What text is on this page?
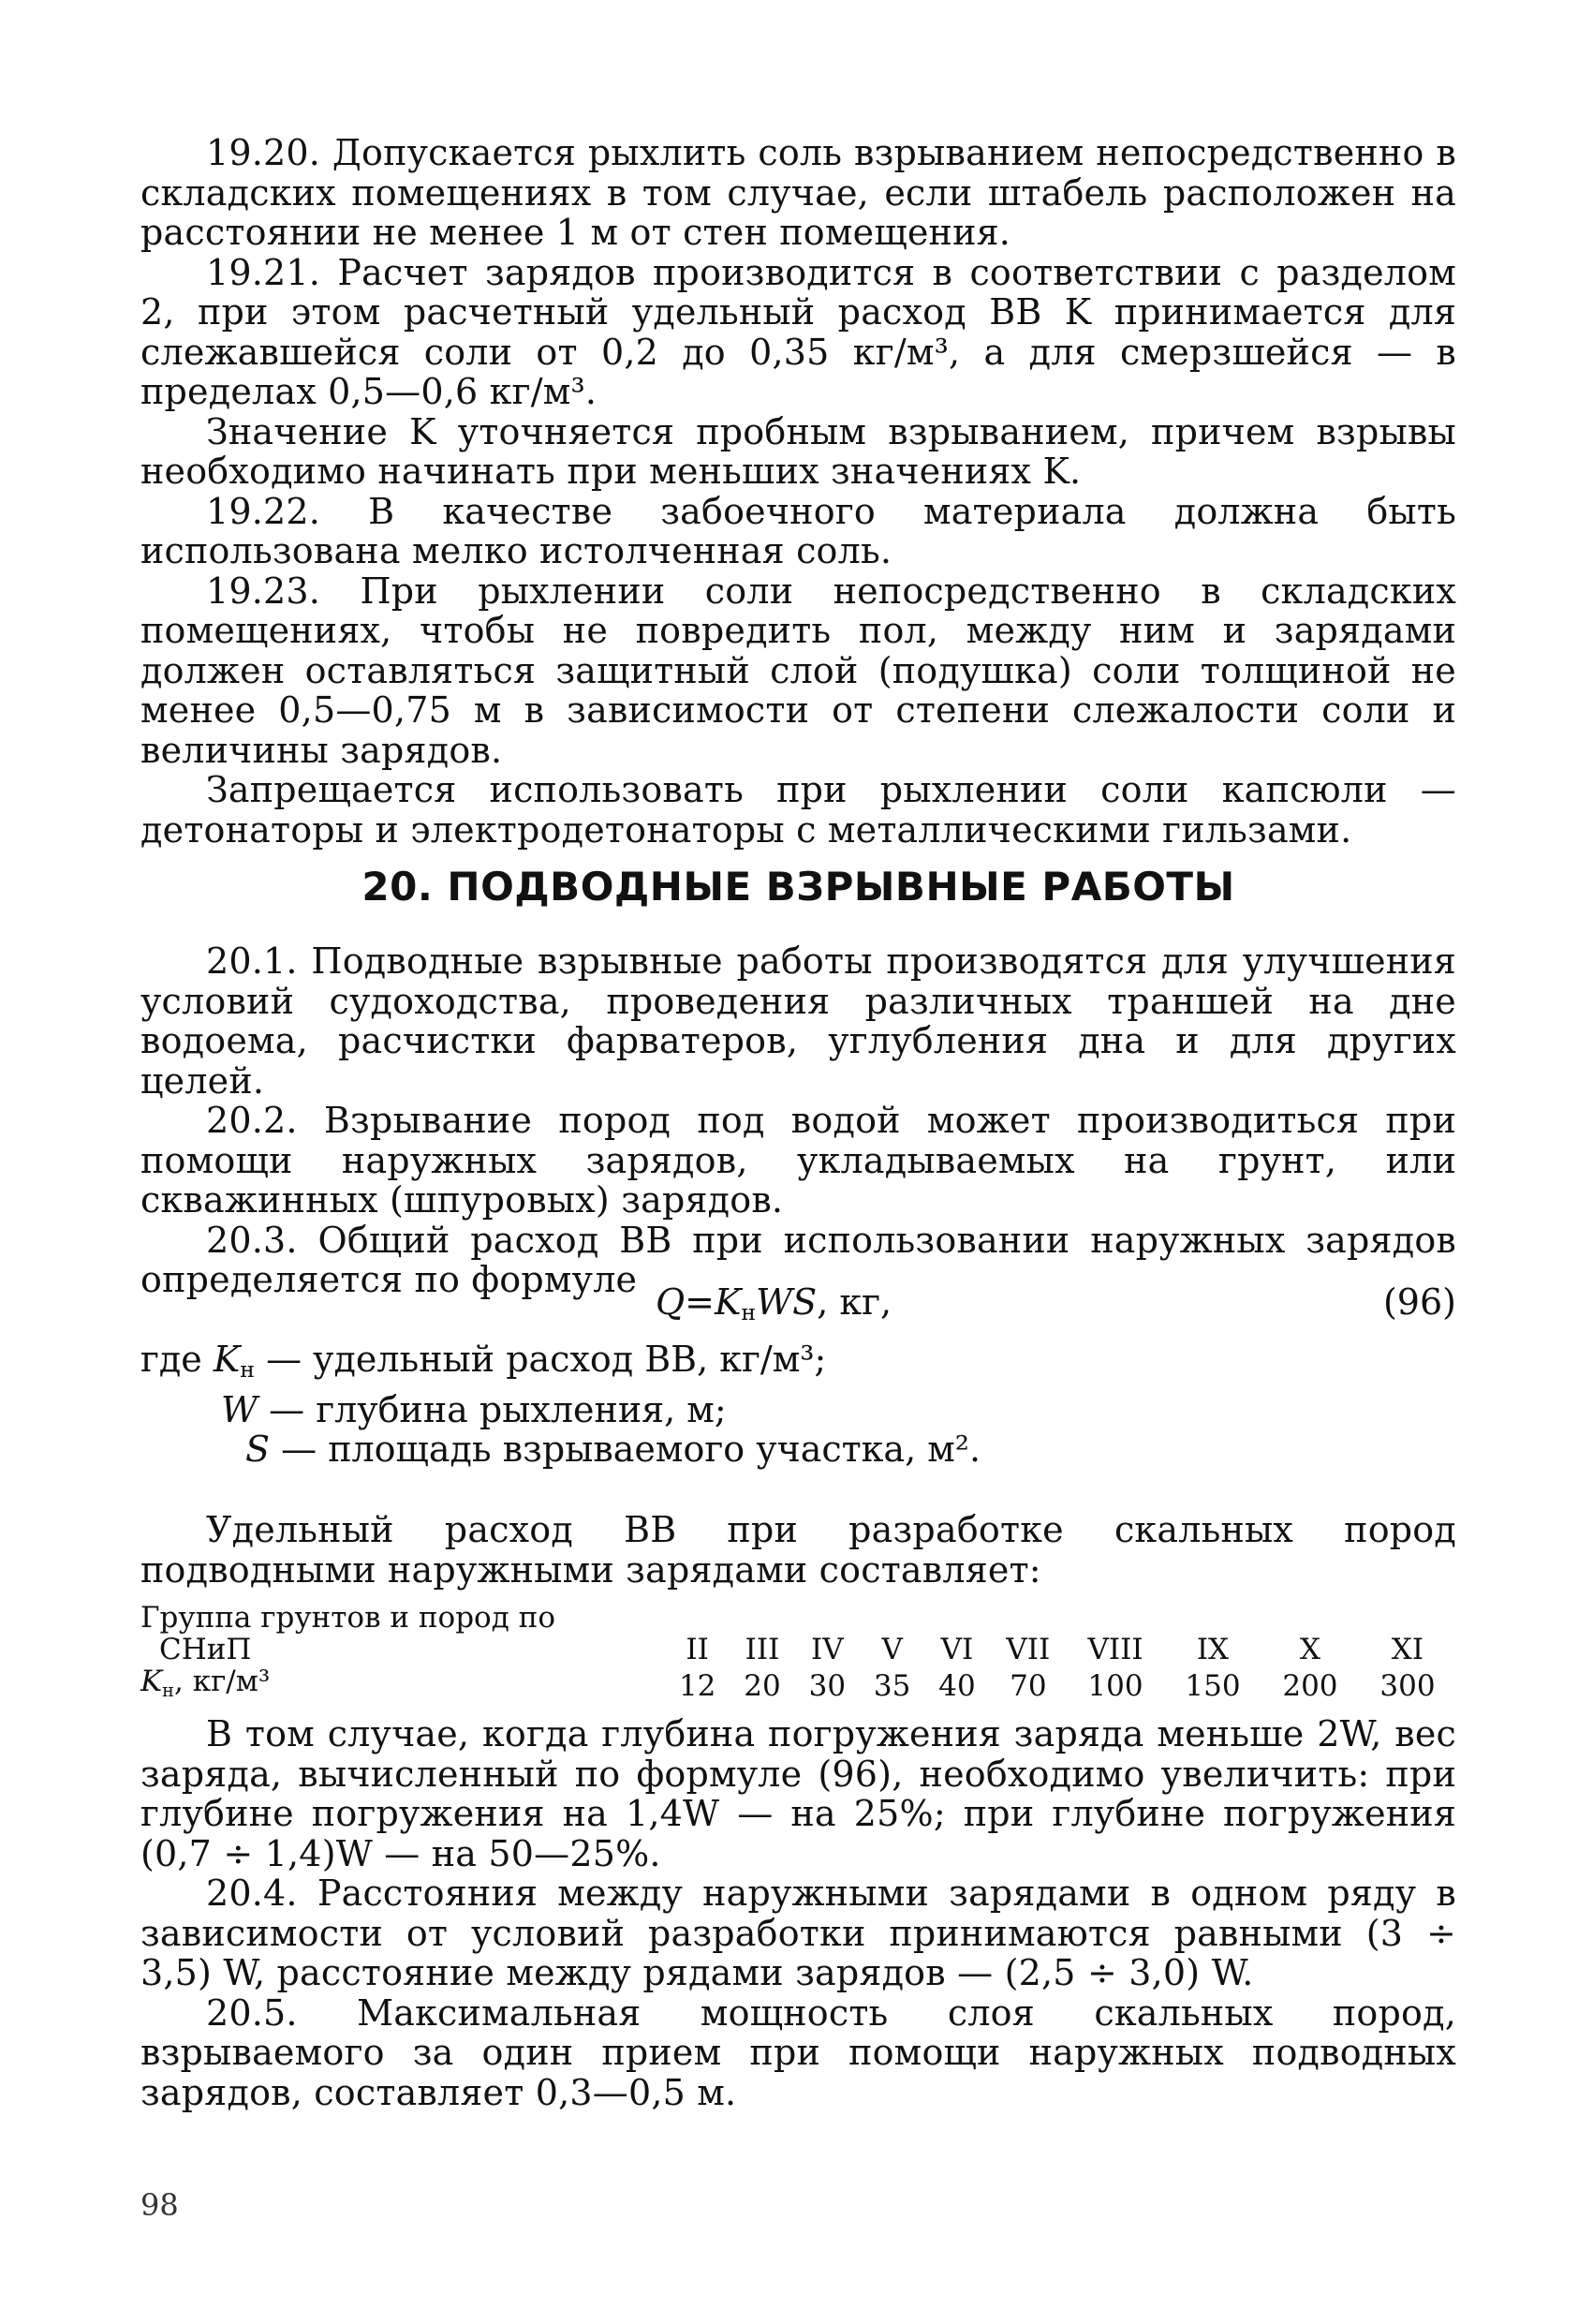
19.20. Допускается рыхлить соль взрыванием непосредственно в складских помещениях в том случае, если штабель расположен на расстоянии не менее 1 м от стен помещения.

19.21. Расчет зарядов производится в соответствии с разделом 2, при этом расчетный удельный расход ВВ K принимается для слежавшейся соли от 0,2 до 0,35 кг/м³, а для смерзшейся — в пределах 0,5—0,6 кг/м³.

Значение K уточняется пробным взрыванием, причем взрывы необходимо начинать при меньших значениях K.

19.22. В качестве забоечного материала должна быть использована мелко истолченная соль.

19.23. При рыхлении соли непосредственно в складских помещениях, чтобы не повредить пол, между ним и зарядами должен оставляться защитный слой (подушка) соли толщиной не менее 0,5—0,75 м в зависимости от степени слежалости соли и величины зарядов.

Запрещается использовать при рыхлении соли капсюли — детонаторы и электродетонаторы с металлическими гильзами.

20. ПОДВОДНЫЕ ВЗРЫВНЫЕ РАБОТЫ

20.1. Подводные взрывные работы производятся для улучшения условий судоходства, проведения различных траншей на дне водоема, расчистки фарватеров, углубления дна и для других целей.

20.2. Взрывание пород под водой может производиться при помощи наружных зарядов, укладываемых на грунт, или скважинных (шпуровых) зарядов.

20.3. Общий расход ВВ при использовании наружных зарядов определяется по формуле

$Q=K_нWS$, кг,	(96)
где $K_н$ — удельный расход ВВ, кг/м³;
W — глубина рыхления, м;
S — площадь взрываемого участка, м².

Удельный расход ВВ при разработке скальных пород подводными наружными зарядами составляет:

Группа грунтов и пород по										
СНиП	II	III	IV	V	VI	VII	VIII	IX	X	XI
$K_н$, кг/м³	12	20	30	35	40	70	100	150	200	300

В том случае, когда глубина погружения заряда меньше 2W, вес заряда, вычисленный по формуле (96), необходимо увеличить: при глубине погружения на 1,4W — на 25%; при глубине погружения (0,7 ÷ 1,4)W — на 50—25%.

20.4. Расстояния между наружными зарядами в одном ряду в зависимости от условий разработки принимаются равными (3 ÷ 3,5) W, расстояние между рядами зарядов — (2,5 ÷ 3,0) W.

20.5. Максимальная мощность слоя скальных пород, взрываемого за один прием при помощи наружных подводных зарядов, составляет 0,3—0,5 м.

98
